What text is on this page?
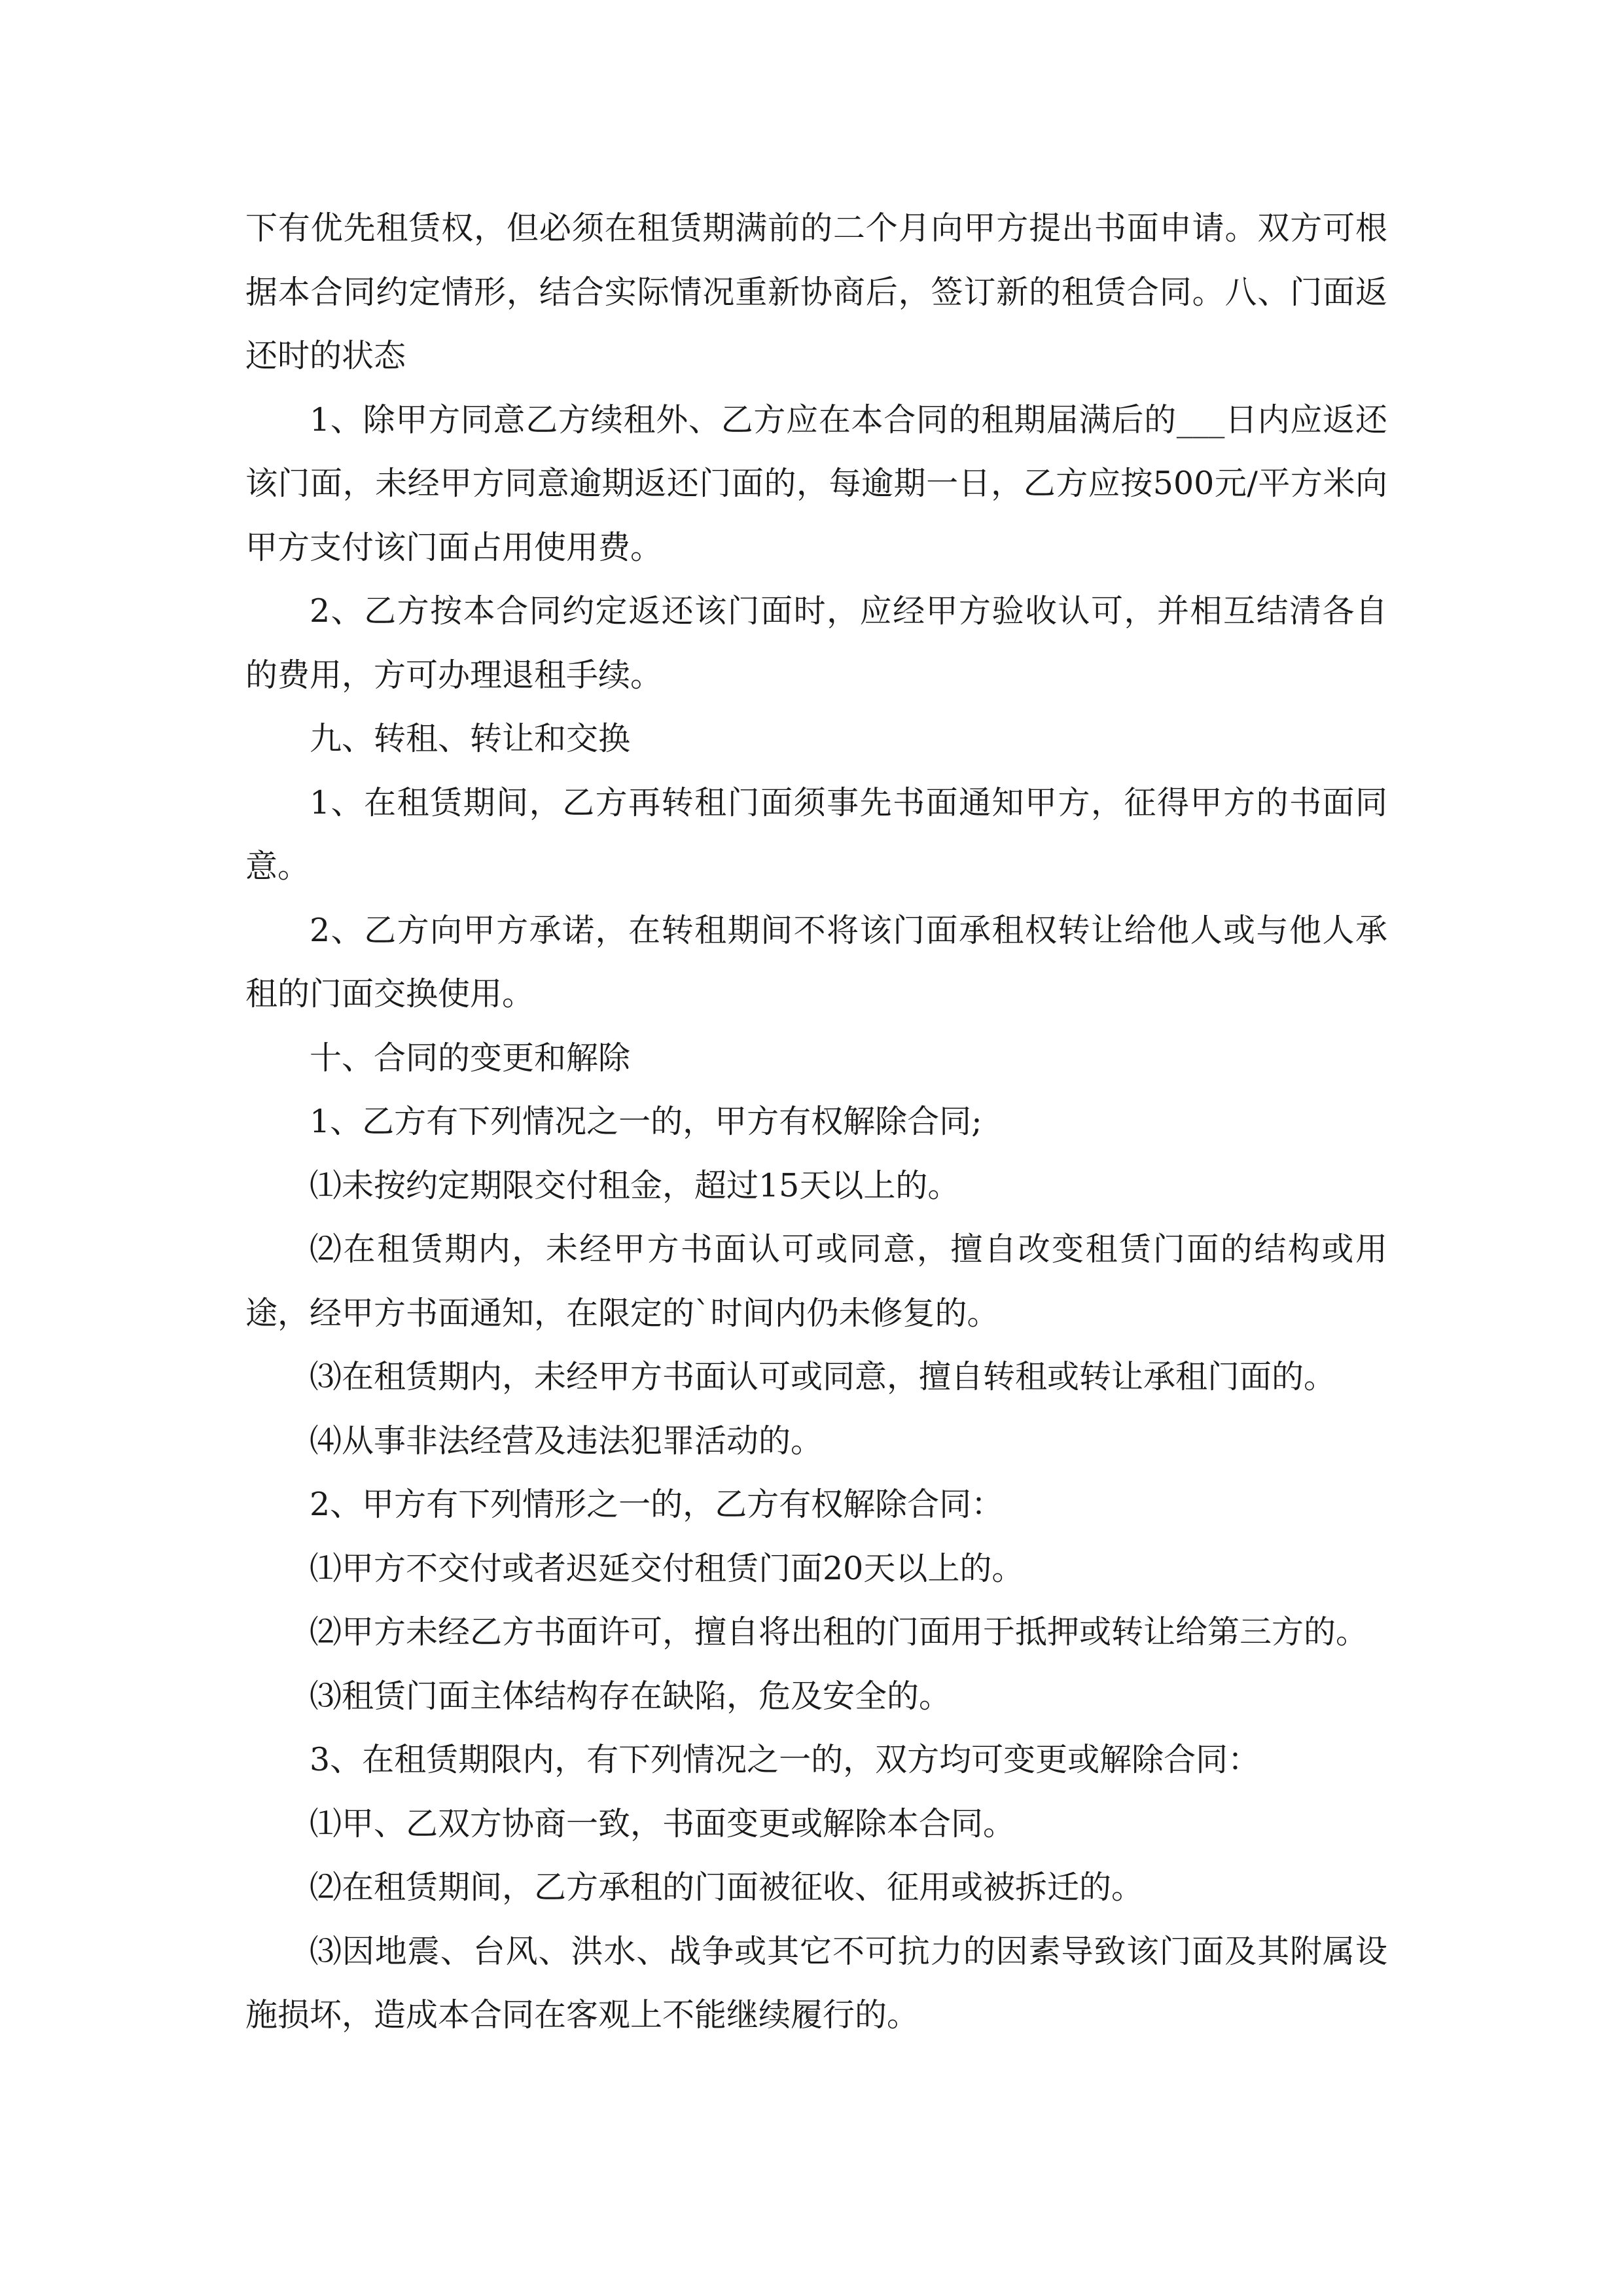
下有优先租赁权，但必须在租赁期满前的二个月向甲方提出书面申请。双方可根据本合同约定情形，结合实际情况重新协商后，签订新的租赁合同。八、门面返还时的状态

1、除甲方同意乙方续租外、乙方应在本合同的租期届满后的___日内应返还该门面，未经甲方同意逾期返还门面的，每逾期一日，乙方应按500元/平方米向甲方支付该门面占用使用费。

2、乙方按本合同约定返还该门面时，应经甲方验收认可，并相互结清各自的费用，方可办理退租手续。

九、转租、转让和交换

1、在租赁期间，乙方再转租门面须事先书面通知甲方，征得甲方的书面同意。

2、乙方向甲方承诺，在转租期间不将该门面承租权转让给他人或与他人承租的门面交换使用。

十、合同的变更和解除

1、乙方有下列情况之一的，甲方有权解除合同;

⑴未按约定期限交付租金，超过15天以上的。

⑵在租赁期内，未经甲方书面认可或同意，擅自改变租赁门面的结构或用途，经甲方书面通知，在限定的`时间内仍未修复的。

⑶在租赁期内，未经甲方书面认可或同意，擅自转租或转让承租门面的。

⑷从事非法经营及违法犯罪活动的。

2、甲方有下列情形之一的，乙方有权解除合同：

⑴甲方不交付或者迟延交付租赁门面20天以上的。

⑵甲方未经乙方书面许可，擅自将出租的门面用于抵押或转让给第三方的。

⑶租赁门面主体结构存在缺陷，危及安全的。

3、在租赁期限内，有下列情况之一的，双方均可变更或解除合同：

⑴甲、乙双方协商一致，书面变更或解除本合同。

⑵在租赁期间，乙方承租的门面被征收、征用或被拆迁的。

⑶因地震、台风、洪水、战争或其它不可抗力的因素导致该门面及其附属设施损坏，造成本合同在客观上不能继续履行的。
